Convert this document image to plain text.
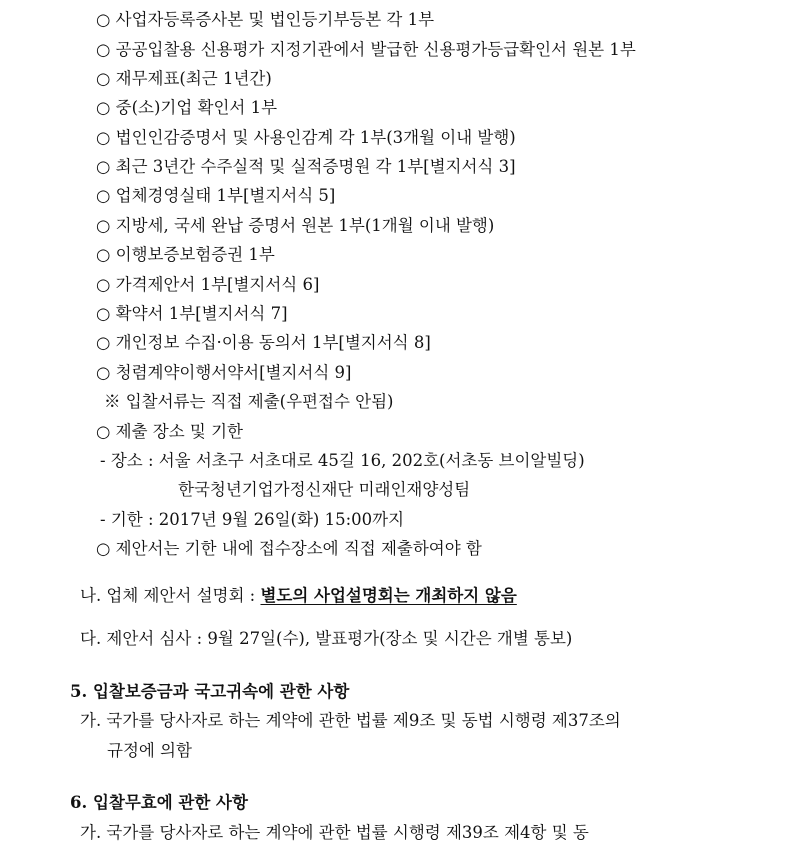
○ 사업자등록증사본 및 법인등기부등본 각 1부
○ 공공입찰용 신용평가 지정기관에서 발급한 신용평가등급확인서 원본 1부
○ 재무제표(최근 1년간)
○ 중(소)기업 확인서 1부
○ 법인인감증명서 및 사용인감계 각 1부(3개월 이내 발행)
○ 최근 3년간 수주실적 및 실적증명원 각 1부[별지서식 3]
○ 업체경영실태 1부[별지서식 5]
○ 지방세, 국세 완납 증명서 원본 1부(1개월 이내 발행)
○ 이행보증보험증권 1부
○ 가격제안서 1부[별지서식 6]
○ 확약서 1부[별지서식 7]
○ 개인정보 수집·이용 동의서 1부[별지서식 8]
○ 청렴계약이행서약서[별지서식 9]
※ 입찰서류는 직접 제출(우편접수 안됨)
○ 제출 장소 및 기한
- 장소 : 서울 서초구 서초대로 45길 16, 202호(서초동 브이알빌딩)
한국청년기업가정신재단 미래인재양성팀
- 기한 : 2017년 9월 26일(화) 15:00까지
○ 제안서는 기한 내에 접수장소에 직접 제출하여야 함
나. 업체 제안서 설명회 : 별도의 사업설명회는 개최하지 않음
다. 제안서 심사 : 9월 27일(수), 발표평가(장소 및 시간은 개별 통보)
5. 입찰보증금과 국고귀속에 관한 사항
가. 국가를 당사자로 하는 계약에 관한 법률 제9조 및 동법 시행령 제37조의
규정에 의함
6. 입찰무효에 관한 사항
가. 국가를 당사자로 하는 계약에 관한 법률 시행령 제39조 제4항 및 동
